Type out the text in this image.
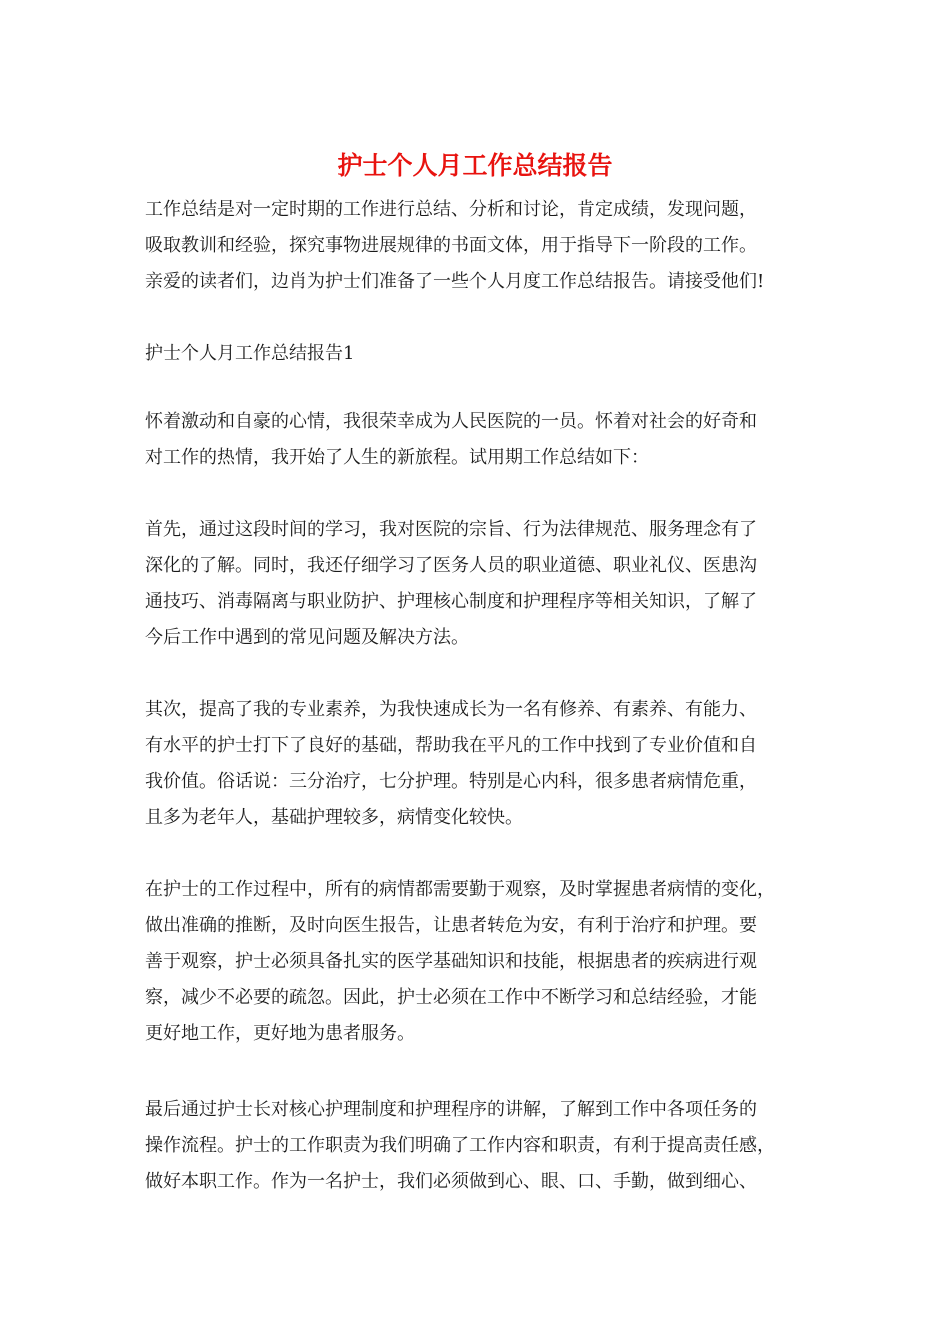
护士个人月工作总结报告
工作总结是对一定时期的工作进行总结、分析和讨论，肯定成绩，发现问题，
吸取教训和经验，探究事物进展规律的书面文体，用于指导下一阶段的工作。
亲爱的读者们，边肖为护士们准备了一些个人月度工作总结报告。请接受他们!
护士个人月工作总结报告1
怀着激动和自豪的心情，我很荣幸成为人民医院的一员。怀着对社会的好奇和
对工作的热情，我开始了人生的新旅程。试用期工作总结如下：
首先，通过这段时间的学习，我对医院的宗旨、行为法律规范、服务理念有了
深化的了解。同时，我还仔细学习了医务人员的职业道德、职业礼仪、医患沟
通技巧、消毒隔离与职业防护、护理核心制度和护理程序等相关知识，了解了
今后工作中遇到的常见问题及解决方法。
其次，提高了我的专业素养，为我快速成长为一名有修养、有素养、有能力、
有水平的护士打下了良好的基础，帮助我在平凡的工作中找到了专业价值和自
我价值。俗话说：三分治疗，七分护理。特别是心内科，很多患者病情危重，
且多为老年人，基础护理较多，病情变化较快。
在护士的工作过程中，所有的病情都需要勤于观察，及时掌握患者病情的变化，
做出准确的推断，及时向医生报告，让患者转危为安，有利于治疗和护理。要
善于观察，护士必须具备扎实的医学基础知识和技能，根据患者的疾病进行观
察，减少不必要的疏忽。因此，护士必须在工作中不断学习和总结经验，才能
更好地工作，更好地为患者服务。
最后通过护士长对核心护理制度和护理程序的讲解，了解到工作中各项任务的
操作流程。护士的工作职责为我们明确了工作内容和职责，有利于提高责任感，
做好本职工作。作为一名护士，我们必须做到心、眼、口、手勤，做到细心、
